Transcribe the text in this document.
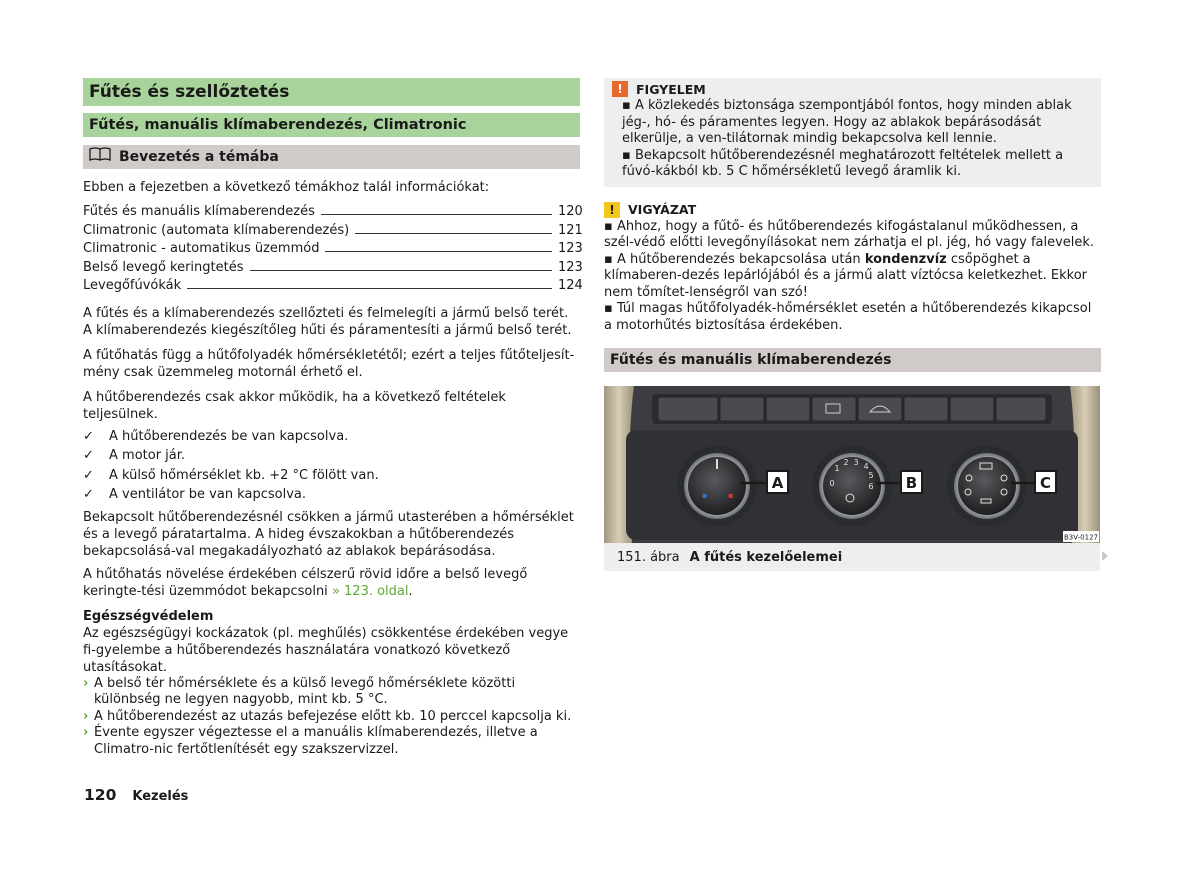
Fűtés és szellőztetés
Fűtés, manuális klímaberendezés, Climatronic
Bevezetés a témába

Ebben a fejezetben a következő témákhoz talál információkat:

Fűtés és manuális klímaberendezés	120
Climatronic (automata klímaberendezés)	121
Climatronic - automatikus üzemmód	123
Belső levegő keringtetés	123
Levegőfúvókák	124

A fűtés és a klímaberendezés szellőzteti és felmelegíti a jármű belső terét. A klímaberendezés kiegészítőleg hűti és páramentesíti a jármű belső terét.

A fűtőhatás függ a hűtőfolyadék hőmérsékletétől; ezért a teljes fűtőteljesít-mény csak üzemmeleg motornál érhető el.

A hűtőberendezés csak akkor működik, ha a következő feltételek teljesülnek.

✓	A hűtőberendezés be van kapcsolva.
✓	A motor jár.
✓	A külső hőmérséklet kb. +2 °C fölött van.
✓	A ventilátor be van kapcsolva.

Bekapcsolt hűtőberendezésnél csökken a jármű utasterében a hőmérséklet és a levegő páratartalma. A hideg évszakokban a hűtőberendezés bekapcsolásá-val megakadályozható az ablakok bepárásodása.

A hűtőhatás növelése érdekében célszerű rövid időre a belső levegő keringte-tési üzemmódot bekapcsolni » 123. oldal.

Egészségvédelem

Az egészségügyi kockázatok (pl. meghűlés) csökkentése érdekében vegye fi-gyelembe a hűtőberendezés használatára vonatkozó következő utasításokat.

› A belső tér hőmérséklete és a külső levegő hőmérséklete közötti különbség ne legyen nagyobb, mint kb. 5 °C.
› A hűtőberendezést az utazás befejezése előtt kb. 10 perccel kapcsolja ki.
› Évente egyszer végeztesse el a manuális klímaberendezés, illetve a Climatro-nic fertőtlenítését egy szakszervizzel.
!	FIGYELEM

▪ A közlekedés biztonsága szempontjából fontos, hogy minden ablak jég-, hó- és páramentes legyen. Hogy az ablakok bepárásodását elkerülje, a ven-tilátornak mindig bekapcsolva kell lennie.

▪ Bekapcsolt hűtőberendezésnél meghatározott feltételek mellett a fúvó-kákból kb. 5 C hőmérsékletű levegő áramlik ki.

!	VIGYÁZAT

▪ Ahhoz, hogy a fűtő- és hűtőberendezés kifogástalanul működhessen, a szél-védő előtti levegőnyílásokat nem zárhatja el pl. jég, hó vagy falevelek.

▪ A hűtőberendezés bekapcsolása után kondenzvíz csőpöghet a klímaberen-dezés lepárlójából és a jármű alatt víztócsa keletkezhet. Ekkor nem tőmítet-lenségről van szó!

▪ Túl magas hűtőfolyadék-hőmérséklet esetén a hűtőberendezés kikapcsol a motorhűtés biztosítása érdekében.

Fűtés és manuális klímaberendezés
▪	▪
0
1
2 3 4
5
6
A	B	C
B3V-0127
151. ábra A fűtés kezelőelemei
120 Kezelés
